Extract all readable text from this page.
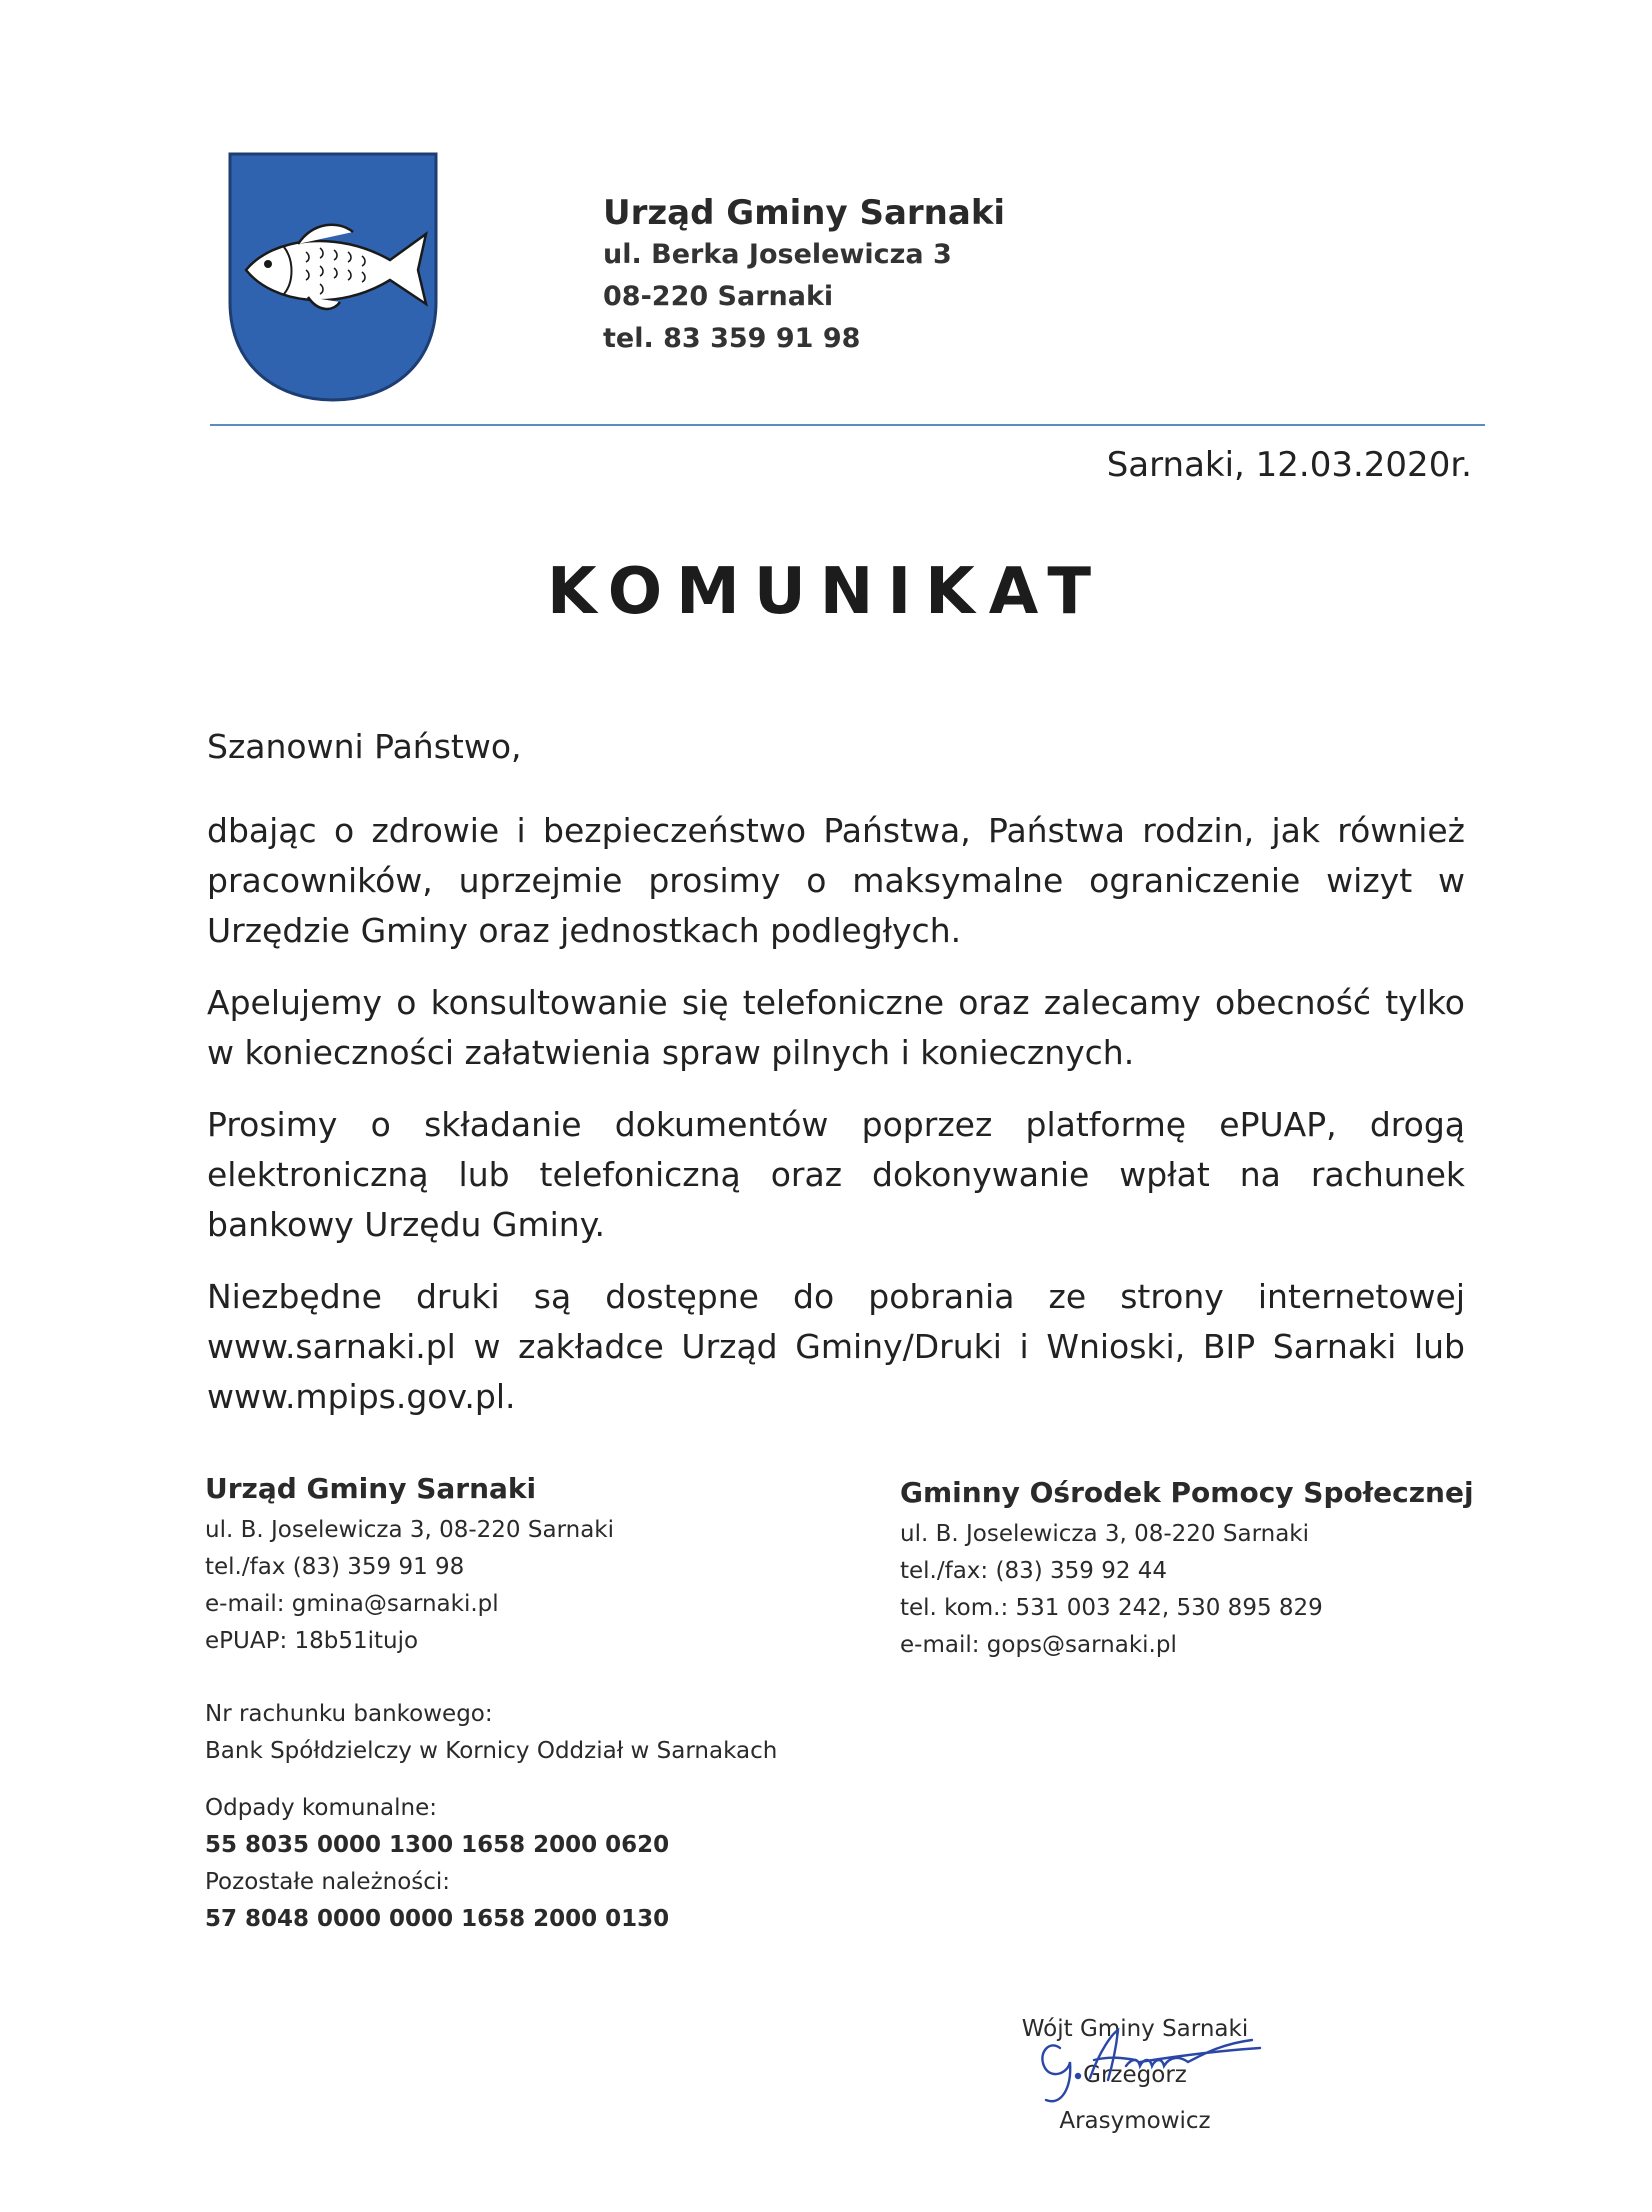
Urząd Gminy Sarnaki
ul. Berka Joselewicza 3
08-220 Sarnaki
tel. 83 359 91 98
Sarnaki, 12.03.2020r.
KOMUNIKAT

Szanowni Państwo,

dbając o zdrowie i bezpieczeństwo Państwa, Państwa rodzin, jak również pracowników, uprzejmie prosimy o maksymalne ograniczenie wizyt w Urzędzie Gminy oraz jednostkach podległych.

Apelujemy o konsultowanie się telefoniczne oraz zalecamy obecność tylko w konieczności załatwienia spraw pilnych i koniecznych.

Prosimy o składanie dokumentów poprzez platformę ePUAP, drogą elektroniczną lub telefoniczną oraz dokonywanie wpłat na rachunek bankowy Urzędu Gminy.

Niezbędne druki są dostępne do pobrania ze strony internetowej www.sarnaki.pl w zakładce Urząd Gminy/Druki i Wnioski, BIP Sarnaki lub www.mpips.gov.pl.

Urząd Gminy Sarnaki
ul. B. Joselewicza 3, 08-220 Sarnaki
tel./fax (83) 359 91 98
e-mail: gmina@sarnaki.pl
ePUAP: 18b51itujo
Gminny Ośrodek Pomocy Społecznej
ul. B. Joselewicza 3, 08-220 Sarnaki
tel./fax: (83) 359 92 44
tel. kom.: 531 003 242, 530 895 829
e-mail: gops@sarnaki.pl
Nr rachunku bankowego:
Bank Spółdzielczy w Kornicy Oddział w Sarnakach
Odpady komunalne:
55 8035 0000 1300 1658 2000 0620
Pozostałe należności:
57 8048 0000 0000 1658 2000 0130
Wójt Gminy Sarnaki
Grzegorz Arasymowicz
